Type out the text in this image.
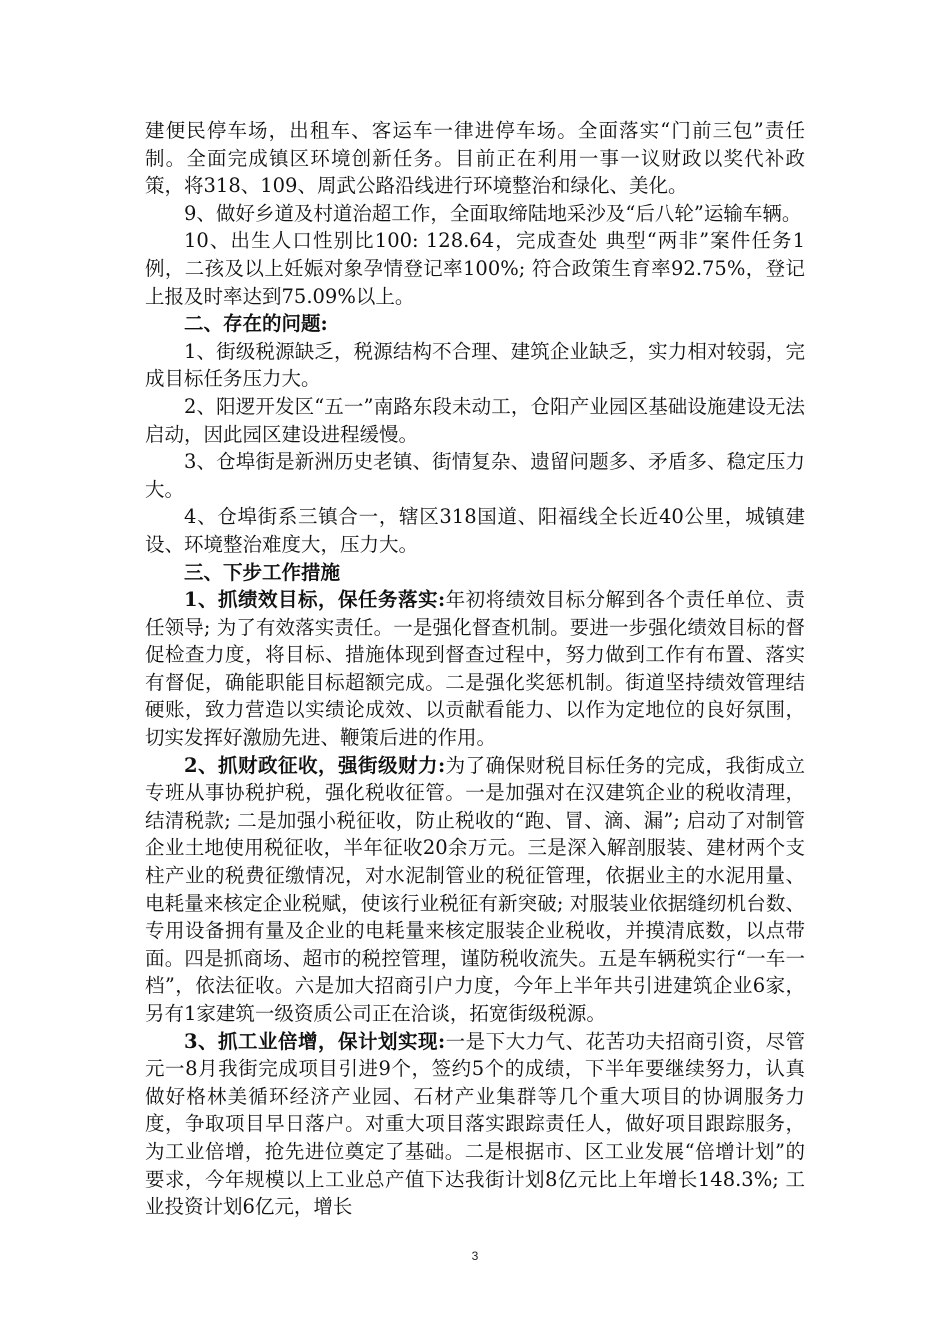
建便民停车场，出租车、客运车一律进停车场。全面落实“门前三包”责任制。全面完成镇区环境创新任务。目前正在利用一事一议财政以奖代补政策，将318、109、周武公路沿线进行环境整治和绿化、美化。

9、做好乡道及村道治超工作，全面取缔陆地采沙及“后八轮”运输车辆。

10、出生人口性别比100: 128.64，完成查处 典型“两非”案件任务1例，二孩及以上妊娠对象孕情登记率100%; 符合政策生育率92.75%，登记上报及时率达到75.09%以上。

二、存在的问题:

1、街级税源缺乏，税源结构不合理、建筑企业缺乏，实力相对较弱，完成目标任务压力大。

2、阳逻开发区“五一”南路东段未动工，仓阳产业园区基础设施建设无法启动，因此园区建设进程缓慢。

3、仓埠街是新洲历史老镇、街情复杂、遗留问题多、矛盾多、稳定压力大。

4、仓埠街系三镇合一，辖区318国道、阳福线全长近40公里，城镇建设、环境整治难度大，压力大。

三、下步工作措施

1、抓绩效目标，保任务落实:年初将绩效目标分解到各个责任单位、责任领导; 为了有效落实责任。一是强化督查机制。要进一步强化绩效目标的督促检查力度，将目标、措施体现到督查过程中，努力做到工作有布置、落实有督促，确能职能目标超额完成。二是强化奖惩机制。街道坚持绩效管理结硬账，致力营造以实绩论成效、以贡献看能力、以作为定地位的良好氛围，切实发挥好激励先进、鞭策后进的作用。

2、抓财政征收，强街级财力:为了确保财税目标任务的完成，我街成立专班从事协税护税，强化税收征管。一是加强对在汉建筑企业的税收清理，结清税款; 二是加强小税征收，防止税收的“跑、冒、滴、漏”; 启动了对制管企业土地使用税征收，半年征收20余万元。三是深入解剖服装、建材两个支柱产业的税费征缴情况，对水泥制管业的税征管理，依据业主的水泥用量、电耗量来核定企业税赋，使该行业税征有新突破; 对服装业依据缝纫机台数、专用设备拥有量及企业的电耗量来核定服装企业税收，并摸清底数，以点带面。四是抓商场、超市的税控管理，谨防税收流失。五是车辆税实行“一车一档”，依法征收。六是加大招商引户力度，今年上半年共引进建筑企业6家，另有1家建筑一级资质公司正在洽谈，拓宽街级税源。

3、抓工业倍增，保计划实现:一是下大力气、花苦功夫招商引资，尽管元一8月我街完成项目引进9个，签约5个的成绩，下半年要继续努力，认真做好格林美循环经济产业园、石材产业集群等几个重大项目的协调服务力度，争取项目早日落户。对重大项目落实跟踪责任人，做好项目跟踪服务，为工业倍增，抢先进位奠定了基础。二是根据市、区工业发展“倍增计划”的要求，今年规模以上工业总产值下达我街计划8亿元比上年增长148.3%; 工业投资计划6亿元，增长

3
